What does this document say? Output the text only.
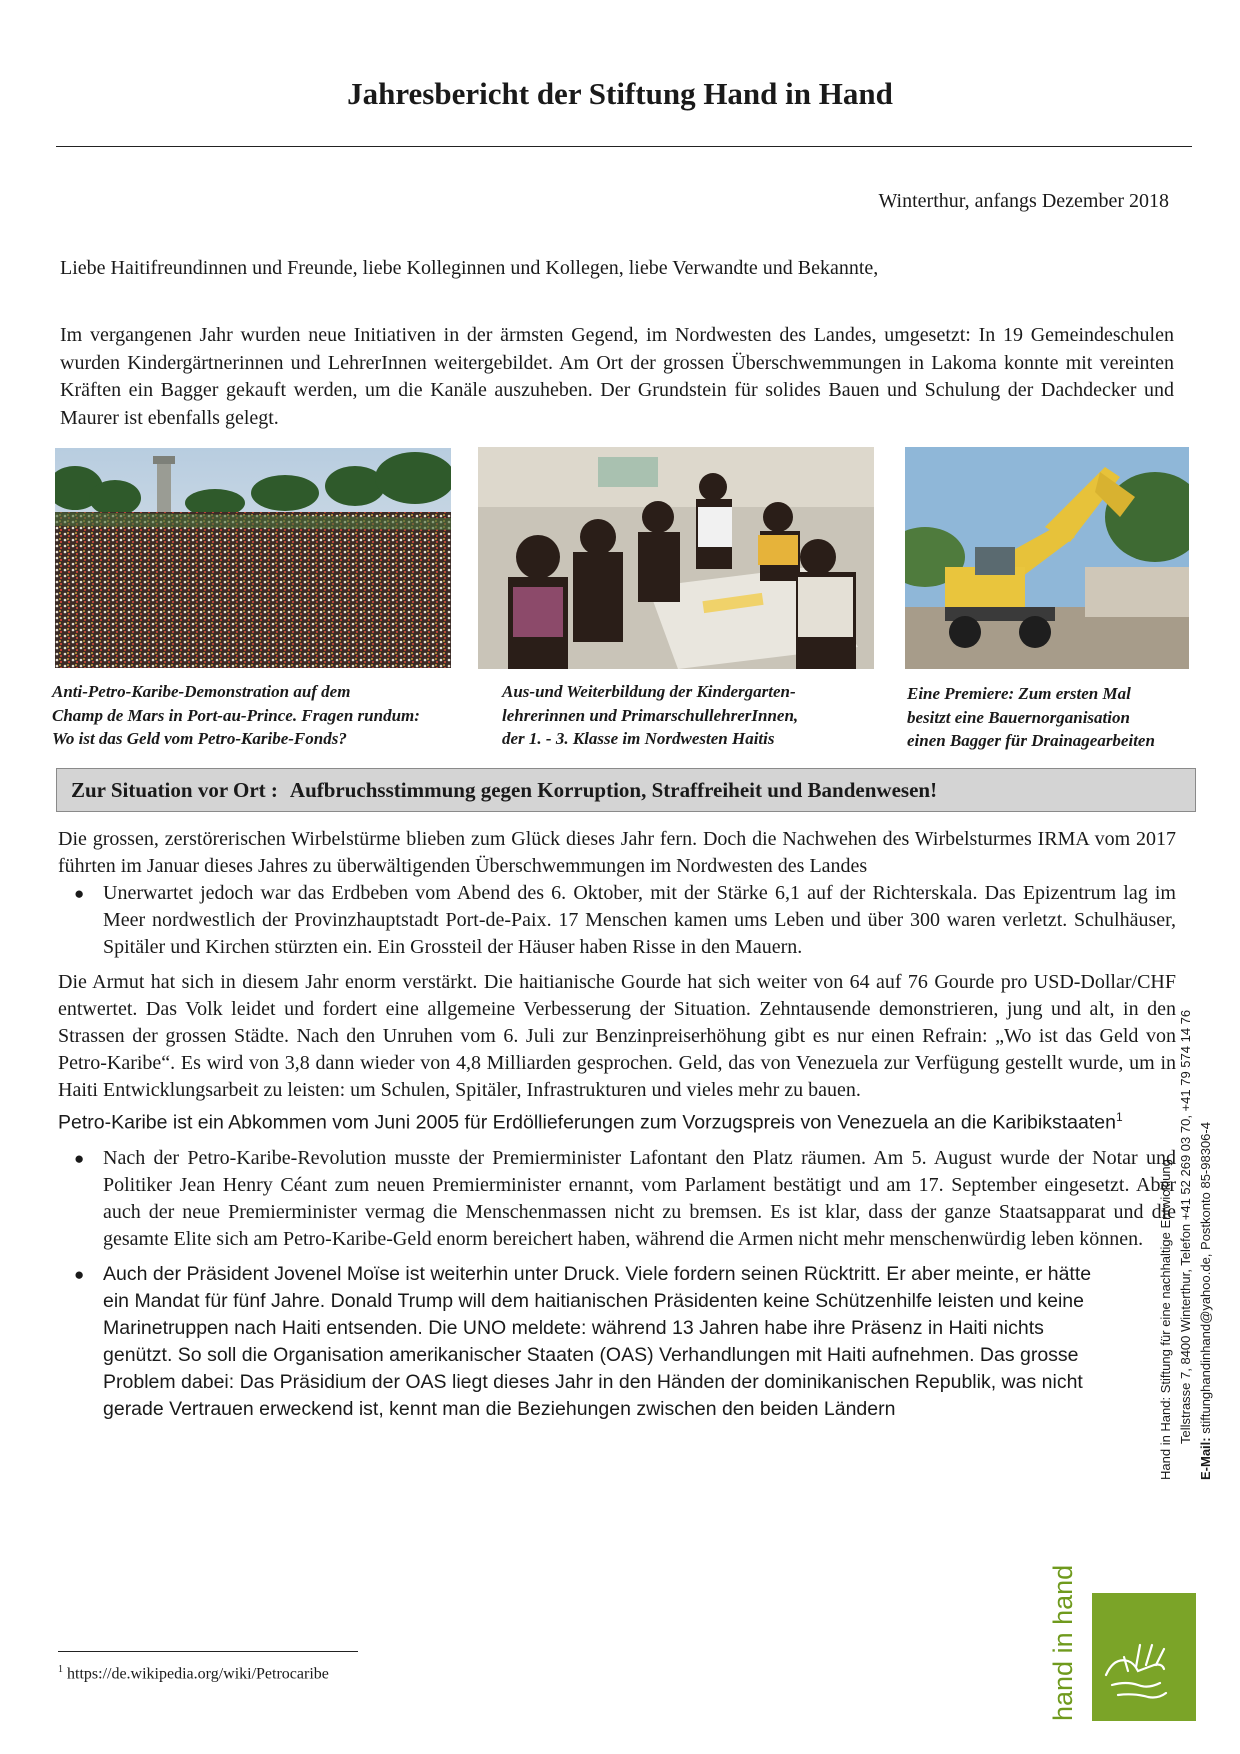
Jahresbericht der Stiftung Hand in Hand
Winterthur, anfangs Dezember 2018
Liebe Haitifreundinnen und Freunde, liebe Kolleginnen und Kollegen, liebe Verwandte und Bekannte,

Im vergangenen Jahr wurden neue Initiativen in der ärmsten Gegend, im Nordwesten des Landes, umgesetzt: In 19 Gemeindeschulen wurden Kindergärtnerinnen und LehrerInnen weitergebildet. Am Ort der grossen Überschwemmungen in Lakoma konnte mit vereinten Kräften ein Bagger gekauft werden, um die Kanäle auszuheben. Der Grundstein für solides Bauen und Schulung der Dachdecker und Maurer ist ebenfalls gelegt.

Anti-Petro-Karibe-Demonstration auf dem
Champ de Mars in Port-au-Prince. Fragen rundum:
Wo ist das Geld vom Petro-Karibe-Fonds?

Aus-und Weiterbildung der Kindergarten-
lehrerinnen und PrimarschullehrerInnen,
der 1. - 3. Klasse im Nordwesten Haitis

Eine Premiere: Zum ersten Mal
besitzt eine Bauernorganisation
einen Bagger für Drainagearbeiten

Zur Situation vor Ort : Aufbruchsstimmung gegen Korruption, Straffreiheit und Bandenwesen!

Die grossen, zerstörerischen Wirbelstürme blieben zum Glück dieses Jahr fern. Doch die Nachwehen des Wirbelsturmes IRMA vom 2017 führten im Januar dieses Jahres zu überwältigenden Überschwemmungen im Nordwesten des Landes

● Unerwartet jedoch war das Erdbeben vom Abend des 6. Oktober, mit der Stärke 6,1 auf der Richterskala. Das Epizentrum lag im Meer nordwestlich der Provinzhauptstadt Port-de-Paix. 17 Menschen kamen ums Leben und über 300 waren verletzt. Schulhäuser, Spitäler und Kirchen stürzten ein. Ein Grossteil der Häuser haben Risse in den Mauern.

Die Armut hat sich in diesem Jahr enorm verstärkt. Die haitianische Gourde hat sich weiter von 64 auf 76 Gourde pro USD-Dollar/CHF entwertet. Das Volk leidet und fordert eine allgemeine Verbesserung der Situation. Zehntausende demonstrieren, jung und alt, in den Strassen der grossen Städte. Nach den Unruhen vom 6. Juli zur Benzinpreiserhöhung gibt es nur einen Refrain: „Wo ist das Geld von Petro-Karibe“. Es wird von 3,8 dann wieder von 4,8 Milliarden gesprochen. Geld, das von Venezuela zur Verfügung gestellt wurde, um in Haiti Entwicklungsarbeit zu leisten: um Schulen, Spitäler, Infrastrukturen und vieles mehr zu bauen.

Petro-Karibe ist ein Abkommen vom Juni 2005 für Erdöllieferungen zum Vorzugspreis von Venezuela an die Karibikstaaten$^1$

● Nach der Petro-Karibe-Revolution musste der Premierminister Lafontant den Platz räumen. Am 5. August wurde der Notar und Politiker Jean Henry Céant zum neuen Premierminister ernannt, vom Parlament bestätigt und am 17. September eingesetzt. Aber auch der neue Premierminister vermag die Menschenmassen nicht zu bremsen. Es ist klar, dass der ganze Staatsapparat und die gesamte Elite sich am Petro-Karibe-Geld enorm bereichert haben, während die Armen nicht mehr menschenwürdig leben können.
● Auch der Präsident Jovenel Moïse ist weiterhin unter Druck. Viele fordern seinen Rücktritt. Er aber meinte, er hätte ein Mandat für fünf Jahre. Donald Trump will dem haitianischen Präsidenten keine Schützenhilfe leisten und keine Marinetruppen nach Haiti entsenden. Die UNO meldete: während 13 Jahren habe ihre Präsenz in Haiti nichts genützt. So soll die Organisation amerikanischer Staaten (OAS) Verhandlungen mit Haiti aufnehmen. Das grosse Problem dabei: Das Präsidium der OAS liegt dieses Jahr in den Händen der dominikanischen Republik, was nicht gerade Vertrauen erweckend ist, kennt man die Beziehungen zwischen den beiden Ländern
$^1$ https://de.wikipedia.org/wiki/Petrocaribe
Hand in Hand: Stiftung für eine nachhaltige Entwicklung Tellstrasse 7, 8400 Winterthur, Telefon +41 52 269 03 70, +41 79 574 14 76
E-Mail: stiftunghandinhand@yahoo.de, Postkonto 85-98306-4
hand in hand
